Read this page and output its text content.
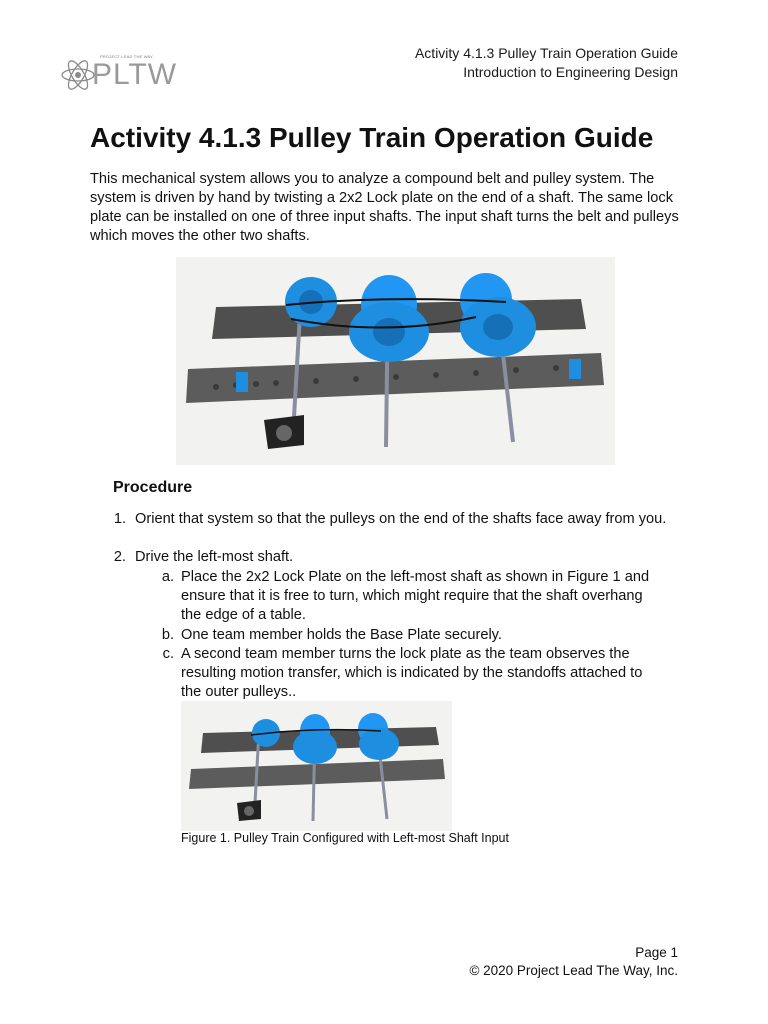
Activity 4.1.3 Pulley Train Operation Guide
Introduction to Engineering Design
PROJECT LEAD THE WAY
PLTW
Activity 4.1.3 Pulley Train Operation Guide

This mechanical system allows you to analyze a compound belt and pulley system. The system is driven by hand by twisting a 2x2 Lock plate on the end of a shaft. The same lock plate can be installed on one of three input shafts. The input shaft turns the belt and pulleys which moves the other two shafts.

Procedure
1. Orient that system so that the pulleys on the end of the shafts face away from you.
2. Drive the left-most shaft.
a. Place the 2x2 Lock Plate on the left-most shaft as shown in Figure 1 and ensure that it is free to turn, which might require that the shaft overhang the edge of a table.
b. One team member holds the Base Plate securely.
c. A second team member turns the lock plate as the team observes the resulting motion transfer, which is indicated by the standoffs attached to the outer pulleys..
Figure 1. Pulley Train Configured with Left-most Shaft Input
Page 1
© 2020 Project Lead The Way, Inc.
